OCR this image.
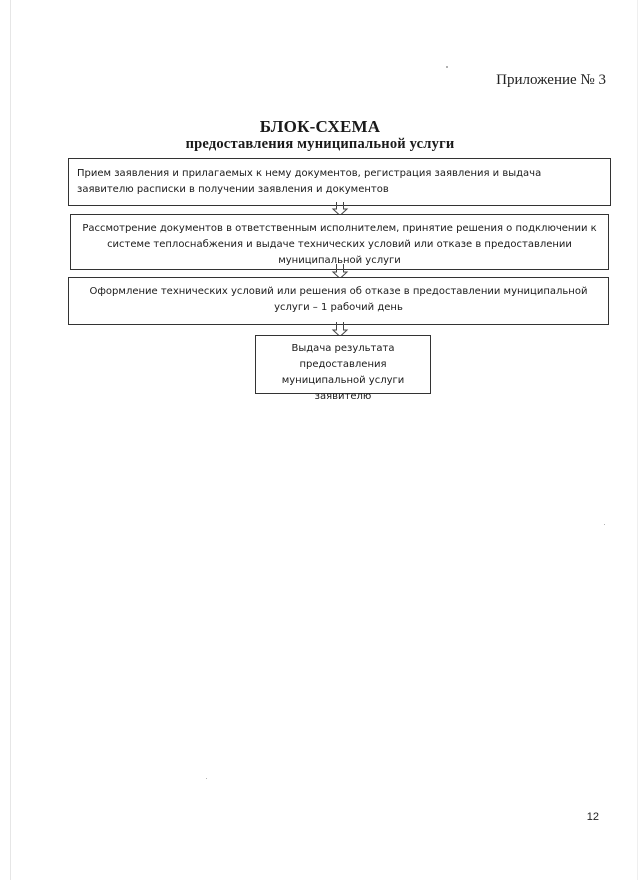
Приложение № 3
БЛОК-СХЕМА
предоставления муниципальной услуги
Прием заявления и прилагаемых к нему документов, регистрация заявления и выдача заявителю расписки в получении заявления и документов
Рассмотрение документов в ответственным исполнителем, принятие решения о подключении к системе теплоснабжения и выдаче технических условий или отказе в предоставлении муниципальной услуги
Оформление технических условий или решения об отказе в предоставлении муниципальной услуги – 1 рабочий день
Выдача результата предоставления муниципальной услуги заявителю
12
